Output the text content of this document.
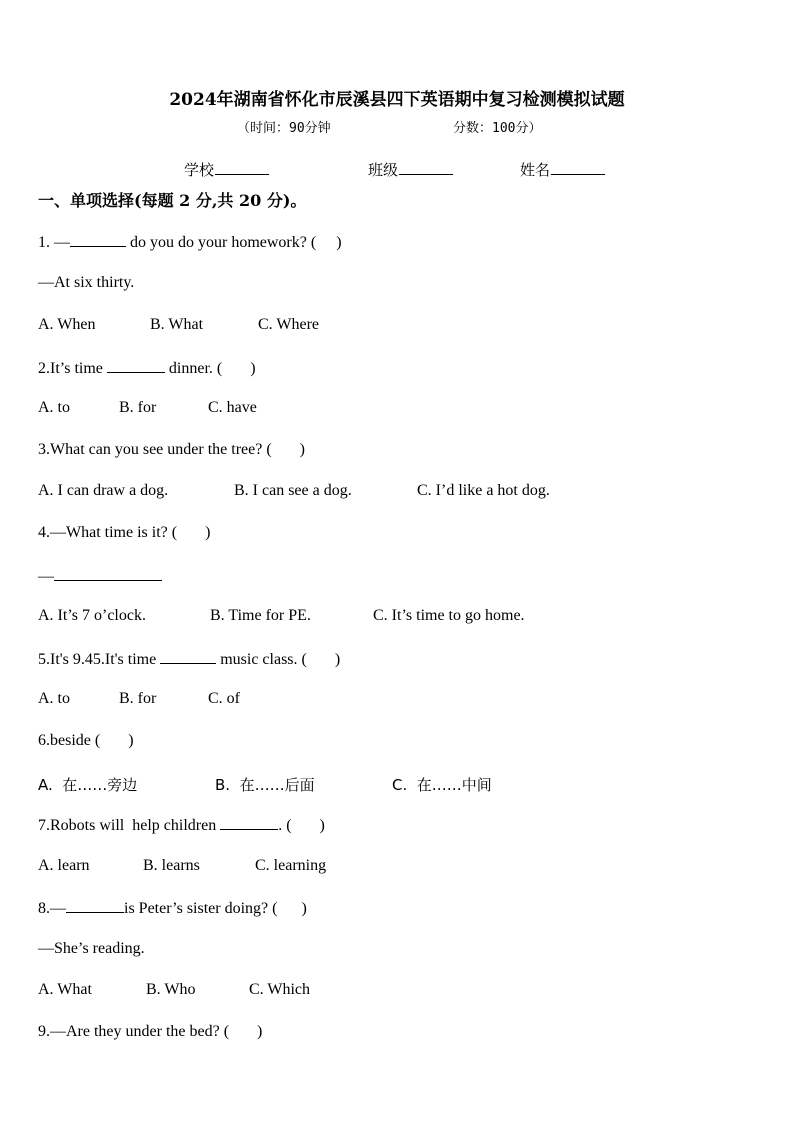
2024年湖南省怀化市辰溪县四下英语期中复习检测模拟试题
（时间：90分钟	分数：100分）
学校	班级	姓名
一、单项选择(每题 2 分,共 20 分)。
1. —	do you do your homework? (     )
—At six thirty.
A. When	B. What	C. Where
2.It’s time	dinner. (       )
A. to	B. for	C. have
3.What can you see under the tree? (       )
A. I can draw a dog.	B. I can see a dog.	C. I’d like a hot dog.
4.—What time is it? (       )
—
A. It’s 7 o’clock.	B. Time for PE.	C. It’s time to go home.
5.It's 9.45.It's time	music class. (       )
A. to	B. for	C. of
6.beside (       )
A.  在……旁边	B.  在……后面	C.  在……中间
7.Robots will  help children	. (       )
A. learn	B. learns	C. learning
8.—	is Peter’s sister doing? (      )
—She’s reading.
A. What	B. Who	C. Which
9.—Are they under the bed? (       )
